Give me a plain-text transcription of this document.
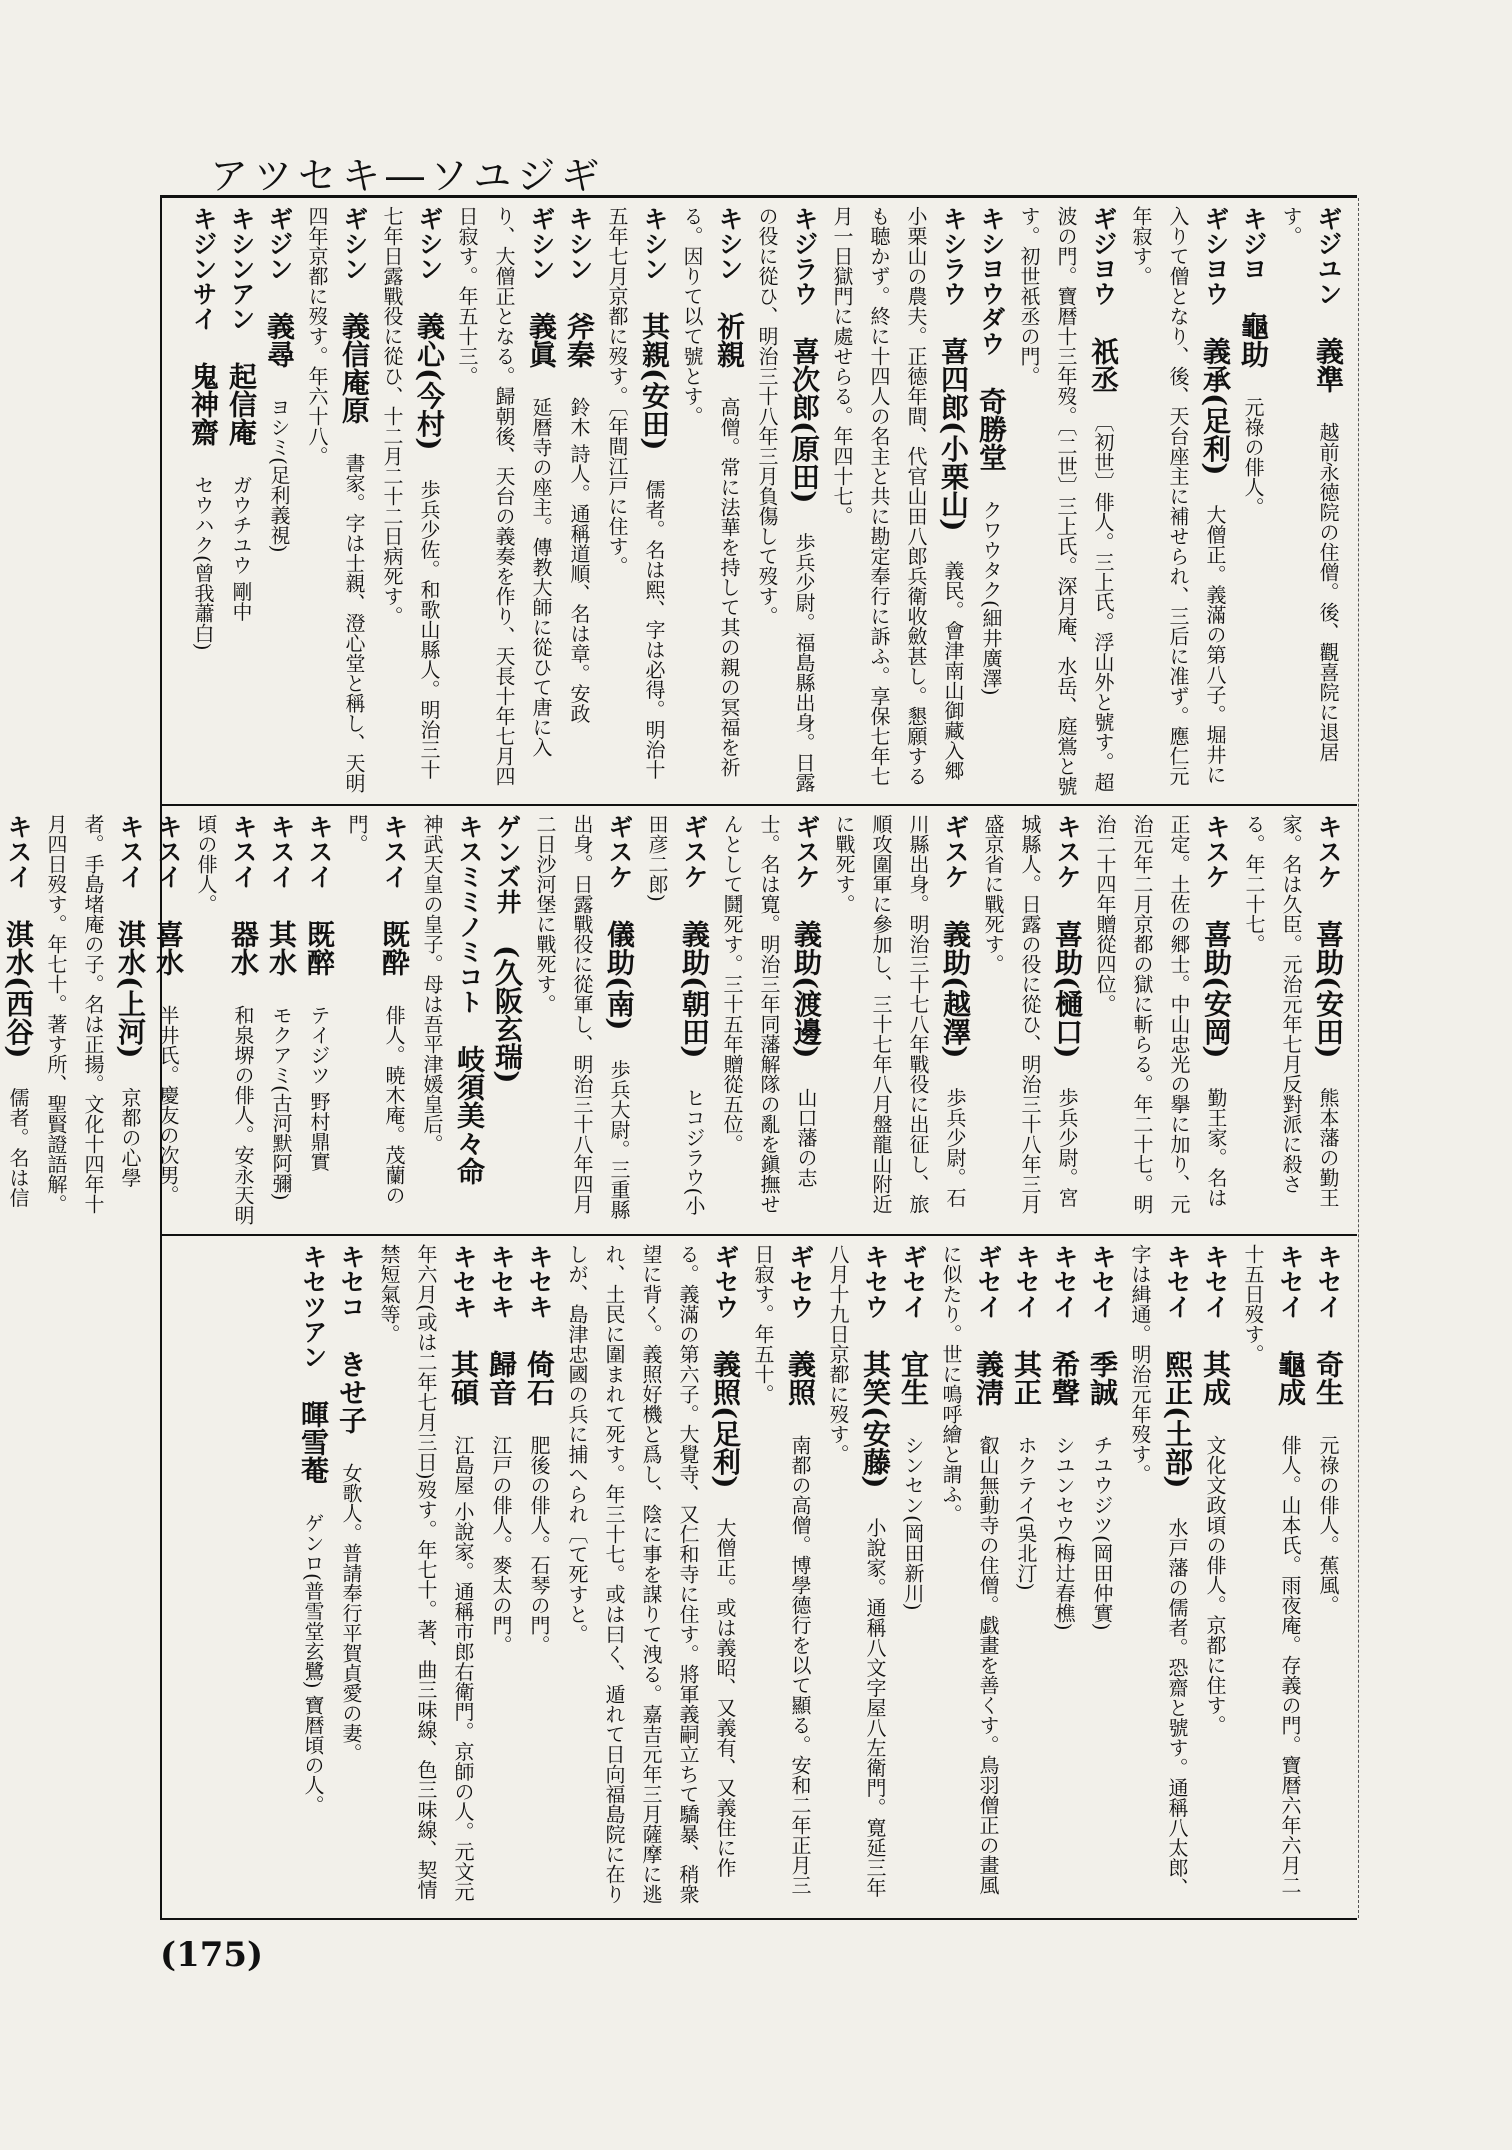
アツセキ―ソユジギ
ギジユン　義準　越前永徳院の住僧。後、觀喜院に退居す。
キジヨ　龜助　元祿の俳人。
ギシヨウ　義承(足利)　大僧正。義滿の第八子。堀井に入りて僧となり、後、天台座主に補せられ、三后に准ず。應仁元年寂す。
ギジヨウ　祇丞　〔初世〕俳人。三上氏。浮山外と號す。超波の門。寶暦十三年歿。〔二世〕三上氏。深月庵、水岳、庭鴬と號す。初世祇丞の門。
キシヨウダウ　奇勝堂　クワウタク(細井廣澤)
キシラウ　喜四郎(小栗山)　義民。會津南山御藏入郷小栗山の農夫。正徳年間、代官山田八郎兵衛收斂甚し。懇願するも聴かず。終に十四人の名主と共に勘定奉行に訴ふ。享保七年七月一日獄門に處せらる。年四十七。
キジラウ　喜次郎(原田)　歩兵少尉。福島縣出身。日露の役に從ひ、明治三十八年三月負傷して歿す。
キシン　祈親　高僧。常に法華を持して其の親の冥福を祈る。因りて以て號とす。
キシン　其親(安田)　儒者。名は熙、字は必得。明治十五年七月京都に歿す。〔年間江戸に住す。
キシン　斧秦　鈴木 詩人。通稱道順、名は章。安政
ギシン　義眞　延暦寺の座主。傳教大師に從ひて唐に入り、大僧正となる。歸朝後、天台の義奏を作り、天長十年七月四日寂す。年五十三。
ギシン　義心(今村)　歩兵少佐。和歌山縣人。明治三十七年日露戰役に從ひ、十二月二十二日病死す。
ギシン　義信庵原　書家。字は士親、澄心堂と稱し、天明四年京都に歿す。年六十八。
ギジン　義尋　ヨシミ(足利義視)
キシンアン　起信庵　ガウチユウ 剛中
キジンサイ　鬼神齋　セウハク(曾我蕭白)
キスケ　喜助(安田)　熊本藩の勤王家。名は久臣。元治元年七月反對派に殺さる。年二十七。
キスケ　喜助(安岡)　勤王家。名は正定。土佐の郷士。中山忠光の擧に加り、元治元年二月京都の獄に斬らる。年二十七。明治二十四年贈從四位。
キスケ　喜助(樋口)　歩兵少尉。宮城縣人。日露の役に從ひ、明治三十八年三月盛京省に戰死す。
ギスケ　義助(越澤)　歩兵少尉。石川縣出身。明治三十七八年戰役に出征し、旅順攻圍軍に參加し、三十七年八月盤龍山附近に戰死す。
ギスケ　義助(渡邊)　山口藩の志士。名は寛。明治三年同藩解隊の亂を鎭撫せんとして鬪死す。三十五年贈從五位。
ギスケ　義助(朝田)　ヒコジラウ(小田彦二郎)
ギスケ　儀助(南)　歩兵大尉。三重縣出身。日露戰役に從軍し、明治三十八年四月二日沙河堡に戰死す。
ゲンズ井　(久阪玄瑞)　
キスミミノミコト　岐須美々命　神武天皇の皇子。母は吾平津媛皇后。
キスイ　既酔　俳人。暁木庵。茂蘭の門。
キスイ　既醉　テイジツ 野村鼎實
キスイ　其水　モクアミ(古河默阿彌)
キスイ　器水　和泉堺の俳人。安永天明頃の俳人。
キスイ　喜水　半井氏。慶友の次男。
キスイ　淇水(上河)　京都の心學者。手島堵庵の子。名は正揚。文化十四年十月四日歿す。年七十。著す所、聖賢證語解。
キスイ　淇水(西谷)　儒者。名は信

キセイ　奇生　元祿の俳人。蕉風。
キセイ　龜成　俳人。山本氏。雨夜庵。存義の門。寶暦六年六月二十五日歿す。
キセイ　其成　文化文政頃の俳人。京都に住す。
キセイ　熙正(土部)　水戸藩の儒者。恐齋と號す。通稱八太郎、字は緝通。明治元年歿す。
キセイ　季誠　チユウジツ(岡田仲實)
キセイ　希聲　シユンセウ(梅辻春樵)
キセイ　其正　ホクテイ(吳北汀)
ギセイ　義淸　叡山無動寺の住僧。戯畫を善くす。鳥羽僧正の畫風に似たり。世に鳴呼繪と謂ふ。
ギセイ　宜生　シンセン(岡田新川)
キセウ　其笑(安藤)　小說家。通稱八文字屋八左衛門。寛延三年八月十九日京都に歿す。
ギセウ　義照　南都の高僧。博學德行を以て顯る。安和二年正月三日寂す。年五十。
ギセウ　義照(足利)　大僧正。或は義昭、又義有、又義住に作る。義滿の第六子。大覺寺、又仁和寺に住す。將軍義嗣立ちて驕暴、稍衆望に背く。義照好機と爲し、陰に事を謀りて洩る。嘉吉元年三月薩摩に逃れ、土民に圍まれて死す。年三十七。或は曰く、遁れて日向福島院に在りしが、島津忠國の兵に捕へられ〔て死すと。
キセキ　倚石　肥後の俳人。石琴の門。
キセキ　歸音　江戸の俳人。麥太の門。
キセキ　其碩　江島屋 小說家。通稱市郎右衛門。京師の人。元文元年六月(或は二年七月三日)歿す。年七十。著、曲三味線、色三味線、契情禁短氣等。
キセコ　きせ子　女歌人。普請奉行平賀貞愛の妻。
キセツアン　暉雪菴　ゲンロ(普雪堂玄鷺) 寶暦頃の人。
(175)
